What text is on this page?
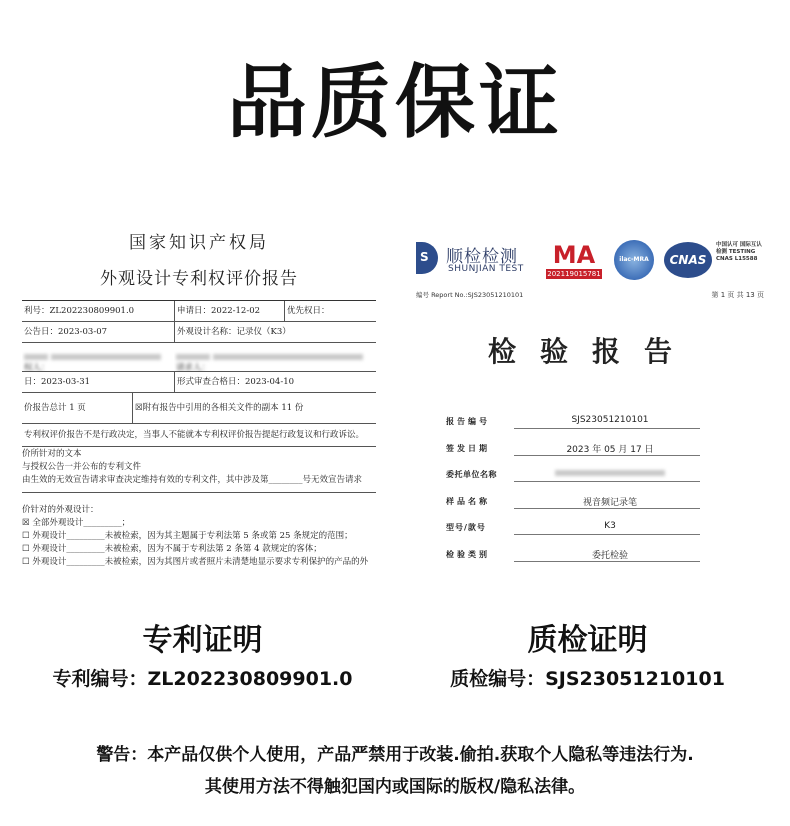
品质保证
国家知识产权局
外观设计专利权评价报告
利号：ZL202230809901.0	申请日：2022-12-02	优先权日：
公告日：2023-03-07	外观设计名称：记录仪（K3）
权人：	请求人：
日：2023-03-31	形式审查合格日：2023-04-10
价报告总计 1 页	☒附有报告中引用的各相关文件的副本 11 份
专利权评价报告不是行政决定，当事人不能就本专利权评价报告提起行政复议和行政诉讼。
价所针对的文本
与授权公告一并公布的专利文件
由生效的无效宣告请求审查决定维持有效的专利文件，其中涉及第________号无效宣告请求
价针对的外观设计：
☒ 全部外观设计_________；
☐ 外观设计_________未被检索，因为其主题属于专利法第 5 条或第 25 条规定的范围；
☐ 外观设计_________未被检索，因为不属于专利法第 2 条第 4 款规定的客体；
☐ 外观设计_________未被检索，因为其图片或者照片未清楚地显示要求专利保护的产品的外
S 顺检检测
SHUNJIAN TEST MA
202119015781
ilac-MRA	CNAS
中国认可 国际互认 检测 TESTING CNAS L15588
编号 Report No.:SJS23051210101	第 1 页 共 13 页
检验报告
报告编号	SJS23051210101
签发日期	2023 年 05 月 17 日
委托单位名称
样品名称	视音频记录笔
型号/款号	K3
检验类别	委托检验
专利证明
专利编号：ZL202230809901.0
质检证明
质检编号：SJS23051210101
警告：本产品仅供个人使用，产品严禁用于改装.偷拍.获取个人隐私等违法行为.
其使用方法不得触犯国内或国际的版权/隐私法律。
